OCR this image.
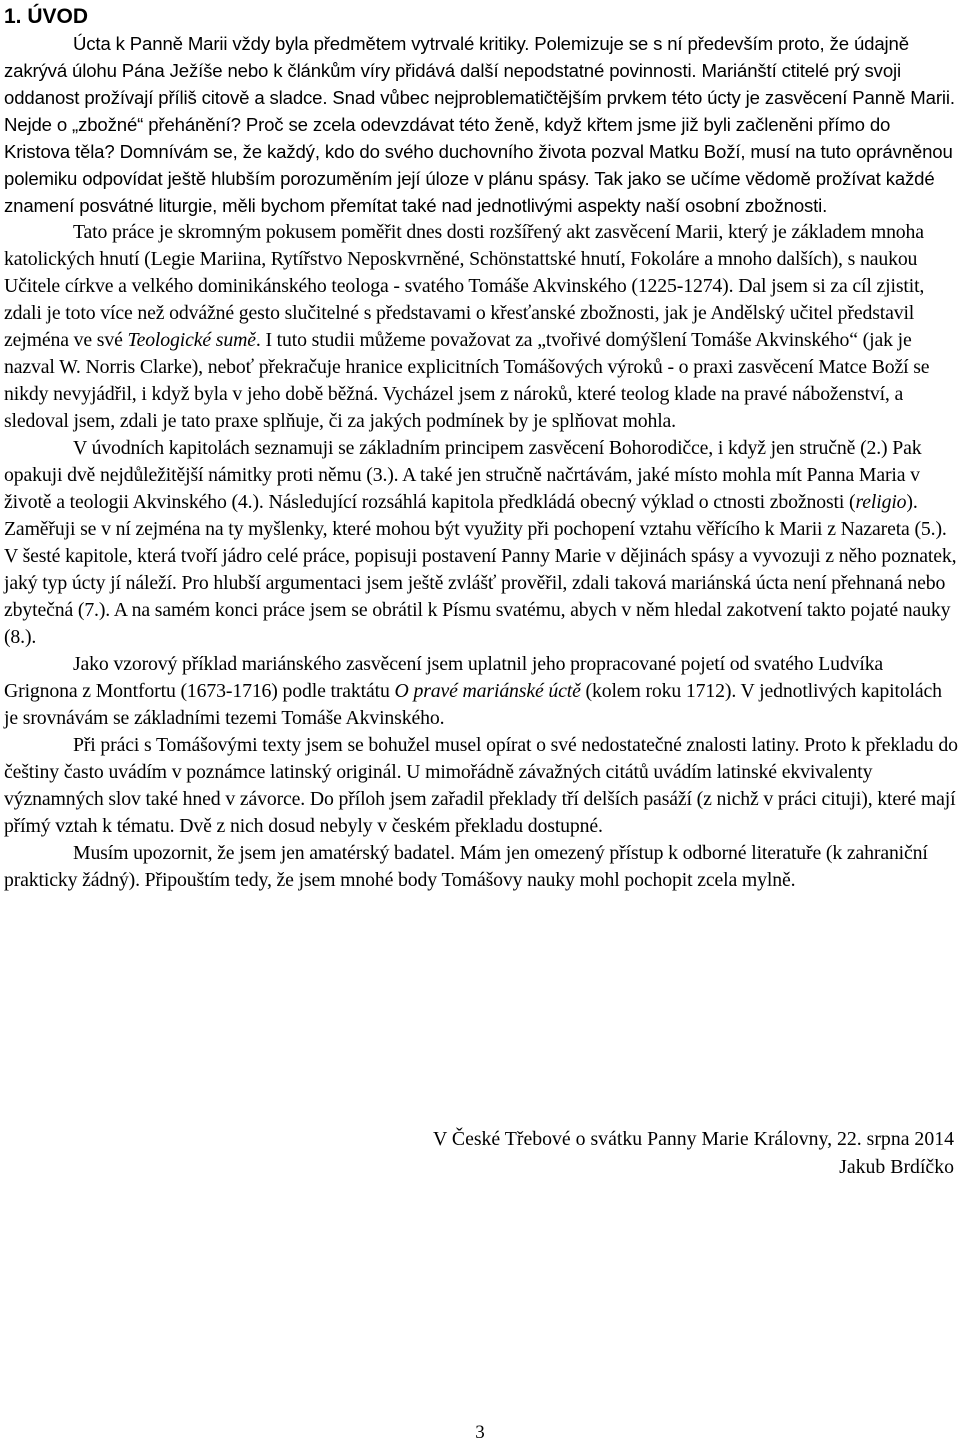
1. ÚVOD

Úcta k Panně Marii vždy byla předmětem vytrvalé kritiky. Polemizuje se s ní především proto, že údajně zakrývá úlohu Pána Ježíše nebo k článkům víry přidává další nepodstatné povinnosti. Mariánští ctitelé prý svoji oddanost prožívají příliš citově a sladce. Snad vůbec nejproblematičtějším prvkem této úcty je zasvěcení Panně Marii. Nejde o „zbožné“ přehánění? Proč se zcela odevzdávat této ženě, když křtem jsme již byli začleněni přímo do Kristova těla? Domnívám se, že každý, kdo do svého duchovního života pozval Matku Boží, musí na tuto oprávněnou polemiku odpovídat ještě hlubším porozuměním její úloze v plánu spásy. Tak jako se učíme vědomě prožívat každé znamení posvátné liturgie, měli bychom přemítat také nad jednotlivými aspekty naší osobní zbožnosti.

Tato práce je skromným pokusem poměřit dnes dosti rozšířený akt zasvěcení Marii, který je základem mnoha katolických hnutí (Legie Mariina, Rytířstvo Neposkvrněné, Schönstattské hnutí, Fokoláre a mnoho dalších), s naukou Učitele církve a velkého dominikánského teologa - svatého Tomáše Akvinského (1225-1274). Dal jsem si za cíl zjistit, zdali je toto více než odvážné gesto slučitelné s představami o křesťanské zbožnosti, jak je Andělský učitel představil zejména ve své Teologické sumě. I tuto studii můžeme považovat za „tvořivé domýšlení Tomáše Akvinského“ (jak je nazval W. Norris Clarke), neboť překračuje hranice explicitních Tomášových výroků - o praxi zasvěcení Matce Boží se nikdy nevyjádřil, i když byla v jeho době běžná. Vycházel jsem z nároků, které teolog klade na pravé náboženství, a sledoval jsem, zdali je tato praxe splňuje, či za jakých podmínek by je splňovat mohla.

V úvodních kapitolách seznamuji se základním principem zasvěcení Bohorodičce, i když jen stručně (2.) Pak opakuji dvě nejdůležitější námitky proti němu (3.). A také jen stručně načrtávám, jaké místo mohla mít Panna Maria v životě a teologii Akvinského (4.). Následující rozsáhlá kapitola předkládá obecný výklad o ctnosti zbožnosti (religio). Zaměřuji se v ní zejména na ty myšlenky, které mohou být využity při pochopení vztahu věřícího k Marii z Nazareta (5.). V šesté kapitole, která tvoří jádro celé práce, popisuji postavení Panny Marie v dějinách spásy a vyvozuji z něho poznatek, jaký typ úcty jí náleží. Pro hlubší argumentaci jsem ještě zvlášť prověřil, zdali taková mariánská úcta není přehnaná nebo zbytečná (7.). A na samém konci práce jsem se obrátil k Písmu svatému, abych v něm hledal zakotvení takto pojaté nauky (8.).

Jako vzorový příklad mariánského zasvěcení jsem uplatnil jeho propracované pojetí od svatého Ludvíka Grignona z Montfortu (1673-1716) podle traktátu O pravé mariánské úctě (kolem roku 1712). V jednotlivých kapitolách je srovnávám se základními tezemi Tomáše Akvinského.

Při práci s Tomášovými texty jsem se bohužel musel opírat o své nedostatečné znalosti latiny. Proto k překladu do češtiny často uvádím v poznámce latinský originál. U mimořádně závažných citátů uvádím latinské ekvivalenty významných slov také hned v závorce. Do příloh jsem zařadil překlady tří delších pasáží (z nichž v práci cituji), které mají přímý vztah k tématu. Dvě z nich dosud nebyly v českém překladu dostupné.

Musím upozornit, že jsem jen amatérský badatel. Mám jen omezený přístup k odborné literatuře (k zahraniční prakticky žádný). Připouštím tedy, že jsem mnohé body Tomášovy nauky mohl pochopit zcela mylně.

V České Třebové o svátku Panny Marie Královny, 22. srpna 2014
Jakub Brdíčko
3
